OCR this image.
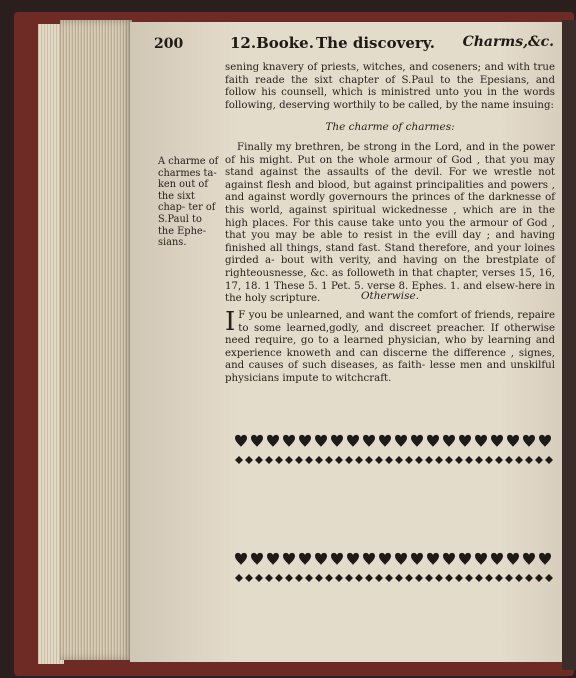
200	12.Booke. The discovery. Charms,&c.

sening knavery of priests, witches, and coseners; and with true faith reade the sixt chapter of S.Paul to the Epesians, and follow his counsell, which is ministred unto you in the words following, deserving worthily to be called, by the name insuing:

The charme of charmes:
A charme of charmes ta- ken out of the sixt chap- ter of S.Paul to the Ephe- sians.

Finally my brethren, be strong in the Lord, and in the power of his might. Put on the whole armour of God , that you may stand against the assaults of the devil. For we wrestle not against flesh and blood, but against principalities and powers , and against wordly governours the princes of the darknesse of this world, against spiritual wickednesse , which are in the high places. For this cause take unto you the armour of God , that you may be able to resist in the evill day ; and having finished all things, stand fast. Stand therefore, and your loines girded a- bout with verity, and having on the brestplate of righteousnesse, &c. as followeth in that chapter, verses 15, 16, 17, 18. 1 These 5. 1 Pet. 5. verse 8. Ephes. 1. and elsew-here in the holy scripture.	Otherwise.
I F you be unlearned, and want the comfort of friends, repaire to some learned,godly, and discreet preacher. If otherwise need require, go to a learned physician, who by learning and experience knoweth and can discerne the difference , signes, and causes of such diseases, as faith- lesse men and unskilful physicians impute to witchcraft.
